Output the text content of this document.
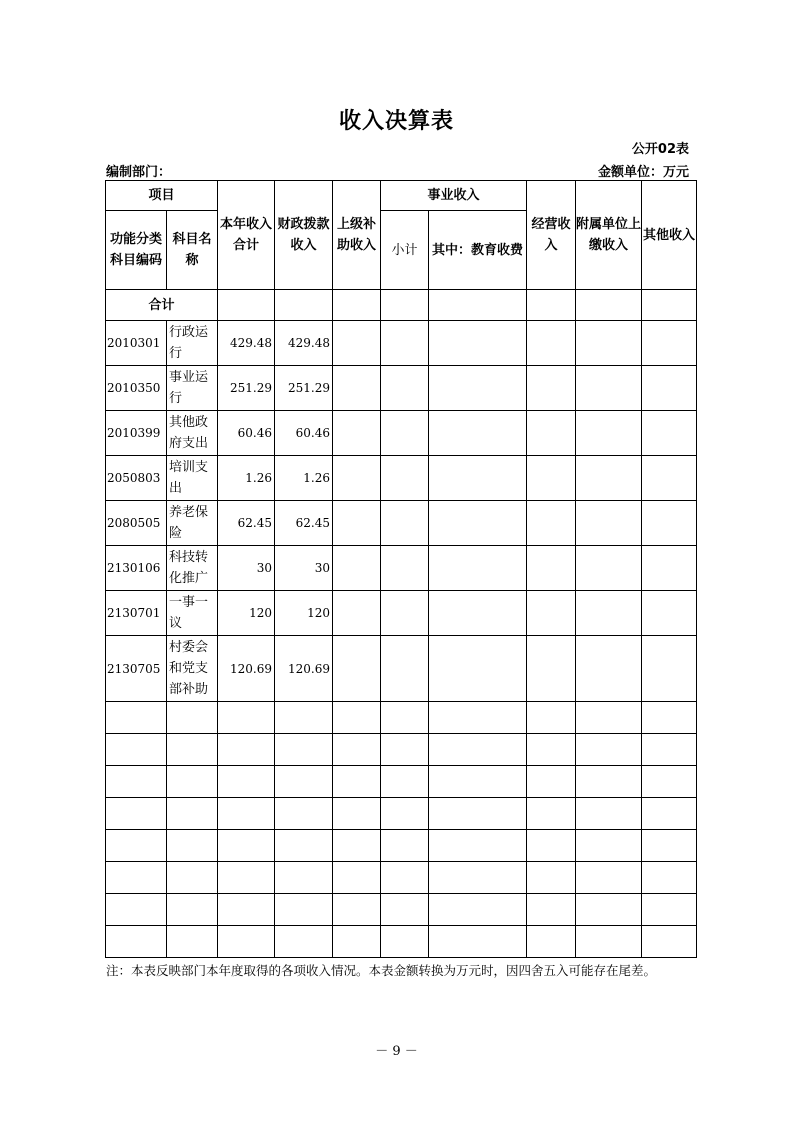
收入决算表
公开02表
编制部门：	金额单位：万元
项目		本年收入合计	财政拨款收入	上级补助收入	事业收入		经营收入	附属单位上缴收入	其他收入
功能分类科目编码	科目名称				小计	其中：教育收费			
合计									
2010301	行政运行	429.48	429.48						
2010350	事业运行	251.29	251.29						
2010399	其他政府支出	60.46	60.46						
2050803	培训支出	1.26	1.26						
2080505	养老保险	62.45	62.45						
2130106	科技转化推广	30	30						
2130701	一事一议	120	120						
2130705	村委会和党支部补助	120.69	120.69						

注：本表反映部门本年度取得的各项收入情况。本表金额转换为万元时，因四舍五入可能存在尾差。
－ 9 －
